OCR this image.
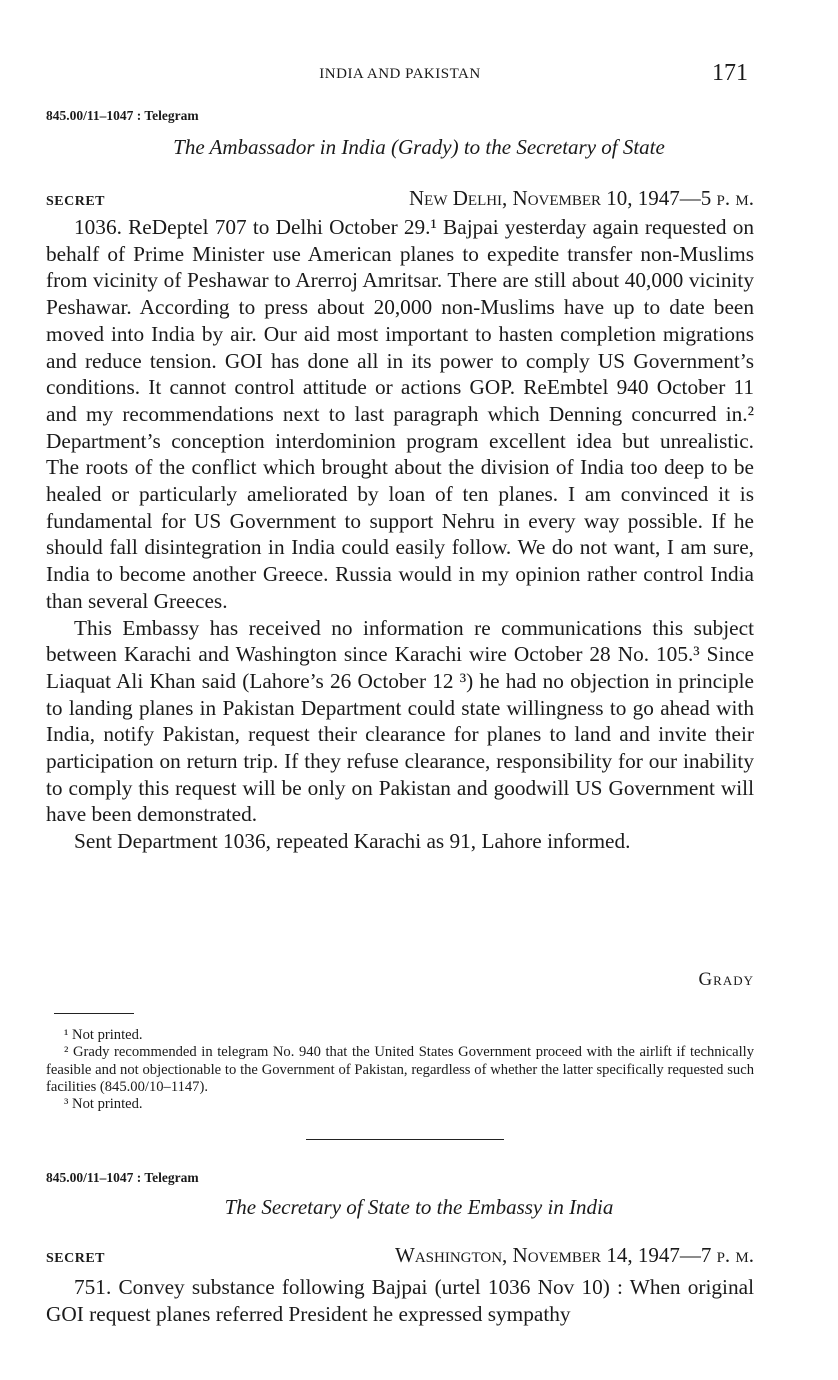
INDIA AND PAKISTAN	171
845.00/11–1047 : Telegram
The Ambassador in India (Grady) to the Secretary of State
SECRET	New Delhi, November 10, 1947—5 p. m.

1036. ReDeptel 707 to Delhi October 29.¹ Bajpai yesterday again requested on behalf of Prime Minister use American planes to expedite transfer non-Muslims from vicinity of Peshawar to Arerroj Amritsar. There are still about 40,000 vicinity Peshawar. According to press about 20,000 non-Muslims have up to date been moved into India by air. Our aid most important to hasten completion migrations and reduce tension. GOI has done all in its power to comply US Government’s conditions. It cannot control attitude or actions GOP. ReEmbtel 940 October 11 and my recommendations next to last paragraph which Denning concurred in.² Department’s conception interdominion program excellent idea but unrealistic. The roots of the conflict which brought about the division of India too deep to be healed or particularly ameliorated by loan of ten planes. I am convinced it is fundamental for US Government to support Nehru in every way possible. If he should fall disintegration in India could easily follow. We do not want, I am sure, India to become another Greece. Russia would in my opinion rather control India than several Greeces.

This Embassy has received no information re communications this subject between Karachi and Washington since Karachi wire October 28 No. 105.³ Since Liaquat Ali Khan said (Lahore’s 26 October 12 ³) he had no objection in principle to landing planes in Pakistan Department could state willingness to go ahead with India, notify Pakistan, request their clearance for planes to land and invite their participation on return trip. If they refuse clearance, responsibility for our inability to comply this request will be only on Pakistan and goodwill US Government will have been demonstrated.

Sent Department 1036, repeated Karachi as 91, Lahore informed.

Grady

¹ Not printed.

² Grady recommended in telegram No. 940 that the United States Government proceed with the airlift if technically feasible and not objectionable to the Government of Pakistan, regardless of whether the latter specifically requested such facilities (845.00/10–1147).

³ Not printed.

845.00/11–1047 : Telegram
The Secretary of State to the Embassy in India
SECRET	Washington, November 14, 1947—7 p. m.

751. Convey substance following Bajpai (urtel 1036 Nov 10) : When original GOI request planes referred President he expressed sympathy
